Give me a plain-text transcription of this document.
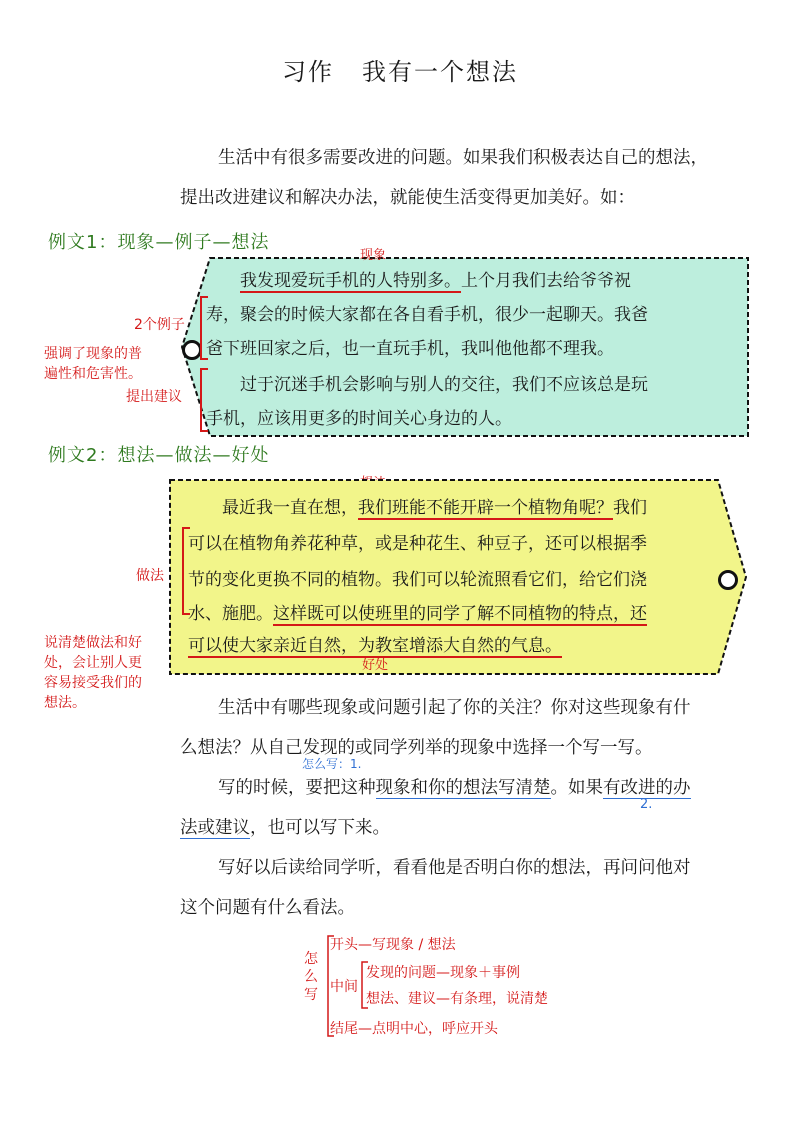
习作 我有一个想法
生活中有很多需要改进的问题。如果我们积极表达自己的想法，
提出改进建议和解决办法，就能使生活变得更加美好。如：
例文1：现象—例子—想法
现象
我发现爱玩手机的人特别多。上个月我们去给爷爷祝
寿，聚会的时候大家都在各自看手机，很少一起聊天。我爸
爸下班回家之后，也一直玩手机，我叫他他都不理我。
过于沉迷手机会影响与别人的交往，我们不应该总是玩
手机，应该用更多的时间关心身边的人。
2个例子
强调了现象的普
遍性和危害性。
提出建议
例文2：想法—做法—好处
最近我一直在想，我们班能不能开辟一个植物角呢？我们
可以在植物角养花种草，或是种花生、种豆子，还可以根据季
节的变化更换不同的植物。我们可以轮流照看它们，给它们浇
水、施肥。这样既可以使班里的同学了解不同植物的特点，还
可以使大家亲近自然，为教室增添大自然的气息。
好处
做法
说清楚做法和好
处，会让别人更
容易接受我们的
想法。	生活中有哪些现象或问题引起了你的关注？你对这些现象有什
么想法？从自己发现的或同学列举的现象中选择一个写一写。
怎么写：1.
写的时候，要把这种现象和你的想法写清楚。如果有改进的办
2.
法或建议，也可以写下来。
写好以后读给同学听，看看他是否明白你的想法，再问问他对
这个问题有什么看法。
怎么写
开头—写现象 / 想法
中间
发现的问题—现象＋事例
想法、建议—有条理，说清楚
结尾—点明中心，呼应开头
